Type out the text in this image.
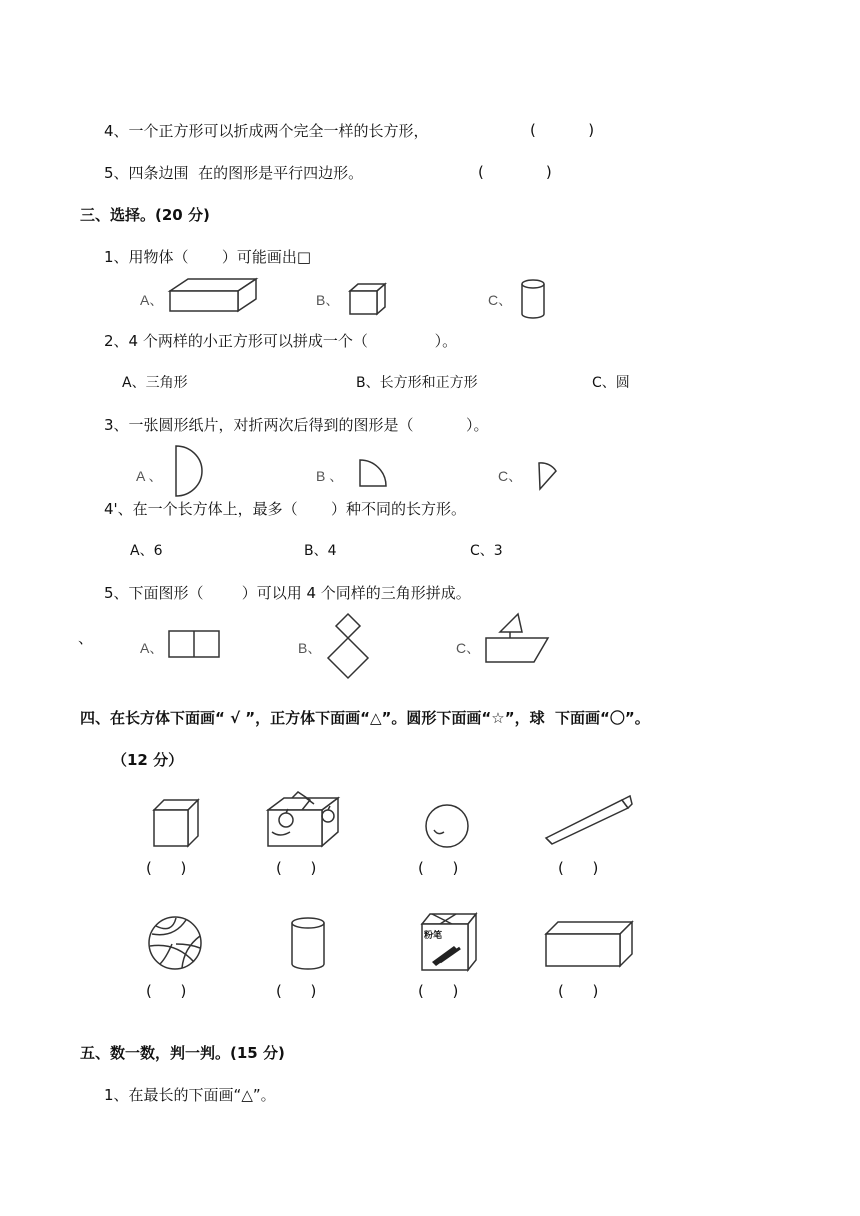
4、一个正方形可以折成两个完全一样的长方形，	(           )
5、四条边围  在的图形是平行四边形。	(             )
三、选择。(20 分)
1、用物体（       ）可能画出□
A、	B、	C、
2、4 个两样的小正方形可以拼成一个（              ）。
A、三角形	B、长方形和正方形	C、圆
3、一张圆形纸片，对折两次后得到的图形是（           ）。
A 、	B 、	C、
4'、在一个长方体上，最多（       ）种不同的长方形。
A、6	B、4	C、3
5、下面图形（        ）可以用 4 个同样的三角形拼成。
、
A、	B、	C、
四、在长方体下面画“ √ ”，正方体下面画“△”。圆形下面画“☆”，球  下面画“〇”。
（12 分）
(      )	(      )	(      )	(      )
(      )	(      )
粉笔
(      )	(      )
五、数一数，判一判。(15 分)
1、在最长的下面画“△”。
